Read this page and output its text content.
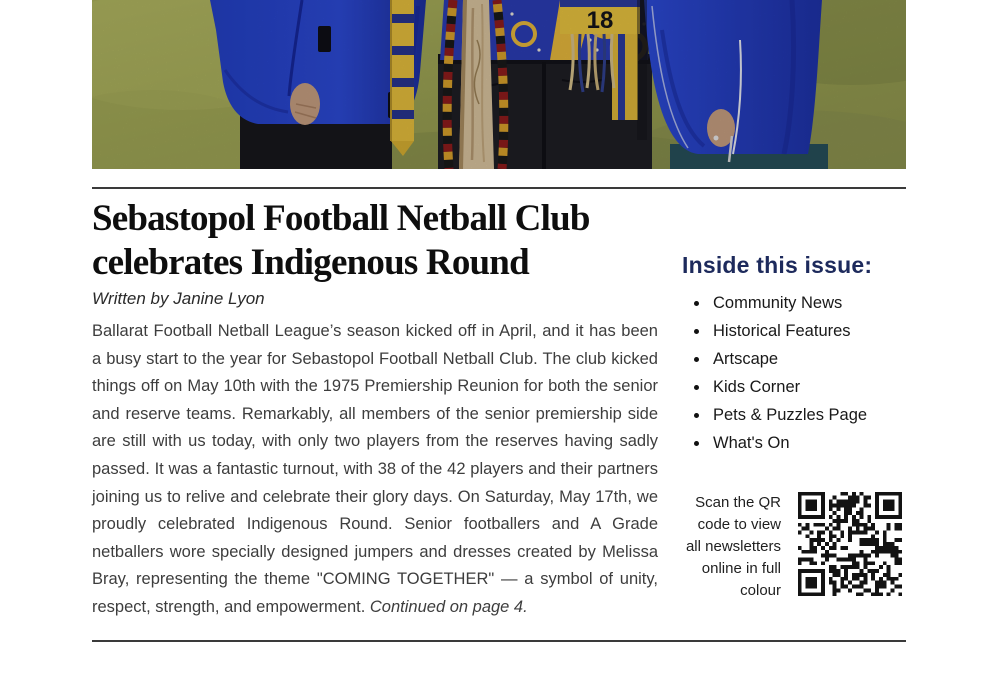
18
Sebastopol Football Netball Club
celebrates Indigenous Round

Written by Janine Lyon

Ballarat Football Netball League’s season kicked off in April, and it has been a busy start to the year for Sebastopol Football Netball Club. The club kicked things off on May 10th with the 1975 Premiership Reunion for both the senior and reserve teams. Remarkably, all members of the senior premiership side are still with us today, with only two players from the reserves having sadly passed. It was a fantastic turnout, with 38 of the 42 players and their partners joining us to relive and celebrate their glory days. On Saturday, May 17th, we proudly celebrated Indigenous Round. Senior footballers and A Grade netballers wore specially designed jumpers and dresses created by Melissa Bray, representing the theme "COMING TOGETHER" — a symbol of unity, respect, strength, and empowerment. Continued on page 4.

Inside this issue:
Community News
Historical Features
Artscape
Kids Corner
Pets & Puzzles Page
What's On
Scan the QR
code to view
all newsletters
online in full
colour
